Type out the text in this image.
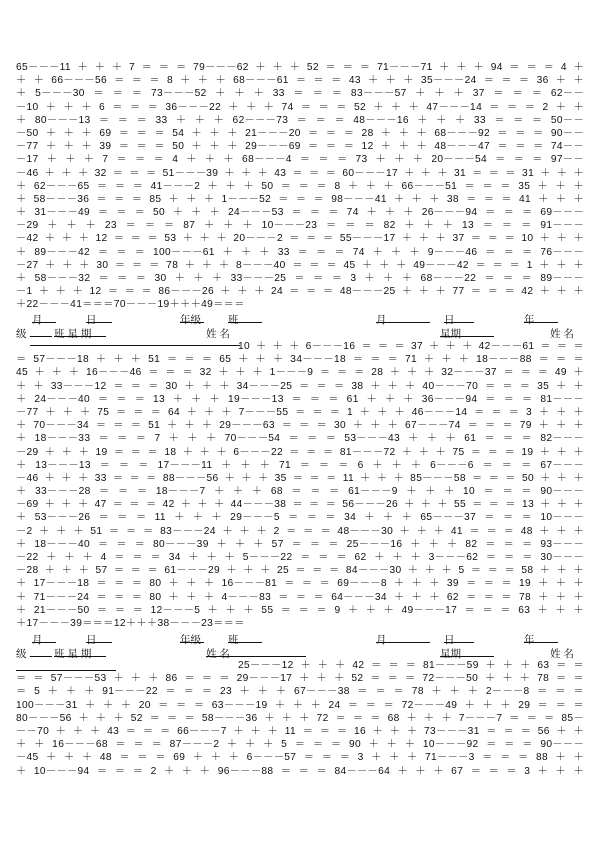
65－－－11＋＋＋7＝＝＝79－－－62＋＋＋52＝＝＝71－－－71＋＋＋94＝＝＝4＋
＋＋66－－－56＝＝＝8＋＋＋68－－－61＝＝＝43＋＋＋35－－－24＝＝＝36＋＋
＋5－－－30＝＝＝73－－－52＋＋＋33＝＝＝83－－－57＋＋＋37＝＝＝62－－
－10＋＋＋6＝＝＝36－－－22＋＋＋74＝＝＝52＋＋＋47－－－14＝＝＝2＋＋
＋80－－－13＝＝＝33＋＋＋62－－－73＝＝＝48－－－16＋＋＋33＝＝＝50－－
－50＋＋＋69＝＝＝54＋＋＋21－－－20＝＝＝28＋＋＋68－－－92＝＝＝90－－
－77＋＋＋39＝＝＝50＋＋＋29－－－69＝＝＝12＋＋＋48－－－47＝＝＝74－－
－17＋＋＋7＝＝＝4＋＋＋68－－－4＝＝＝73＋＋＋20－－－54＝＝＝97－－
－46＋＋＋32＝＝＝51－－－39＋＋＋43＝＝＝60－－－17＋＋＋31＝＝＝31＋＋＋
＋62－－－65＝＝＝41－－－2＋＋＋50＝＝＝8＋＋＋66－－－51＝＝＝35＋＋＋
＋58－－－36＝＝＝85＋＋＋1－－－52＝＝＝98－－－41＋＋＋38＝＝＝41＋＋＋
＋31－－－49＝＝＝50＋＋＋24－－－53＝＝＝74＋＋＋26－－－94＝＝＝69－－－
－29＋＋＋23＝＝＝87＋＋＋10－－－23＝＝＝82＋＋＋13＝＝＝91－－－
－42＋＋＋12＝＝＝53＋＋＋20－－－2＝＝＝55－－－17＋＋＋37＝＝＝10＋＋＋
＋89－－－42＝＝＝100－－－61＋＋＋33＝＝＝74＋＋＋9－－－46＝＝＝76－－－
－27＋＋＋30＝＝＝78＋＋＋8－－－40＝＝＝45＋＋＋49－－－42＝＝＝1＋＋＋
＋58－－－32＝＝＝30＋＋＋33－－－25＝＝＝3＋＋＋68－－－22＝＝＝89－－－
－1＋＋＋12＝＝＝86－－－26＋＋＋24＝＝＝48－－－25＋＋＋77＝＝＝42＋＋＋
＋22－－－41＝＝＝70－－－19＋＋＋49＝＝＝
月	日	年级	班	月	日	年
级	班 星 期	姓 名	星期	姓 名
10＋＋＋6－－－16＝＝＝37＋＋＋42－－－61＝＝＝
＝57－－－18＋＋＋51＝＝＝65＋＋＋34－－－18＝＝＝71＋＋＋18－－－88＝＝＝
45＋＋＋16－－－46＝＝＝32＋＋＋1－－－9＝＝＝28＋＋＋32－－－37＝＝＝49＋
＋＋33－－－12＝＝＝30＋＋＋34－－－25＝＝＝38＋＋＋40－－－70＝＝＝35＋＋
＋24－－－40＝＝＝13＋＋＋19－－－13＝＝＝61＋＋＋36－－－94＝＝＝81－－－
－77＋＋＋75＝＝＝64＋＋＋7－－－55＝＝＝1＋＋＋46－－－14＝＝＝3＋＋＋
＋70－－－34＝＝＝51＋＋＋29－－－63＝＝＝30＋＋＋67－－－74＝＝＝79＋＋＋
＋18－－－33＝＝＝7＋＋＋70－－－54＝＝＝53－－－43＋＋＋61＝＝＝82－－－
－29＋＋＋19＝＝＝18＋＋＋6－－－22＝＝＝81－－－72＋＋＋75＝＝＝19＋＋＋
＋13－－－13＝＝＝17－－－11＋＋＋71＝＝＝6＋＋＋6－－－6＝＝＝67－－－
－46＋＋＋33＝＝＝88－－－56＋＋＋35＝＝＝11＋＋＋85－－－58＝＝＝50＋＋＋
＋33－－－28＝＝＝18－－－7＋＋＋68＝＝＝61－－－9＋＋＋10＝＝＝90－－－
－69＋＋＋47＝＝＝42＋＋＋44－－－38＝＝＝56－－－26＋＋＋55＝＝＝13＋＋＋
＋53－－－26＝＝＝11＋＋＋29－－－5＝＝＝34＋＋＋65－－－37＝＝＝10－－－
－2＋＋＋51＝＝＝83－－－24＋＋＋2＝＝＝48－－－30＋＋＋41＝＝＝48＋＋＋
＋18－－－40＝＝＝80－－－39＋＋＋57＝＝＝25－－－16＋＋＋82＝＝＝93－－－
－22＋＋＋4＝＝＝34＋＋＋5－－－22＝＝＝62＋＋＋3－－－62＝＝＝30－－－
－28＋＋＋57＝＝＝61－－－29＋＋＋25＝＝＝84－－－30＋＋＋5＝＝＝58＋＋＋
＋17－－－18＝＝＝80＋＋＋16－－－81＝＝＝69－－－8＋＋＋39＝＝＝19＋＋＋
＋71－－－24＝＝＝80＋＋＋4－－－83＝＝＝64－－－34＋＋＋62＝＝＝78＋＋＋
＋21－－－50＝＝＝12－－－5＋＋＋55＝＝＝9＋＋＋49－－－17＝＝＝63＋＋＋
＋17－－－39＝＝＝12＋＋＋38－－－23＝＝＝
月	日	年级	班	月	日	年
级	班 星 期	姓 名	星期	姓 名
25－－－12＋＋＋42＝＝＝81－－－59＋＋＋63＝＝
＝＝57－－－53＋＋＋86＝＝＝29－－－17＋＋＋52＝＝＝72－－－50＋＋＋78＝＝
＝5＋＋＋91－－－22＝＝＝23＋＋＋67－－－38＝＝＝78＋＋＋2－－－8＝＝＝
100－－－31＋＋＋20＝＝＝63－－－19＋＋＋24＝＝＝72－－－49＋＋＋29＝＝＝
80－－－56＋＋＋52＝＝＝58－－－36＋＋＋72＝＝＝68＋＋＋7－－－7＝＝＝85－
－－70＋＋＋43＝＝＝66－－－7＋＋＋11＝＝＝16＋＋＋73－－－31＝＝＝56＋＋
＋＋16－－－68＝＝＝87－－－2＋＋＋5＝＝＝90＋＋＋10－－－92＝＝＝90－－－
－45＋＋＋48＝＝＝69＋＋＋6－－－57＝＝＝3＋＋＋71－－－3＝＝＝88＋＋
＋10－－－94＝＝＝2＋＋＋96－－－88＝＝＝84－－－64＋＋＋67＝＝＝3＋＋＋
